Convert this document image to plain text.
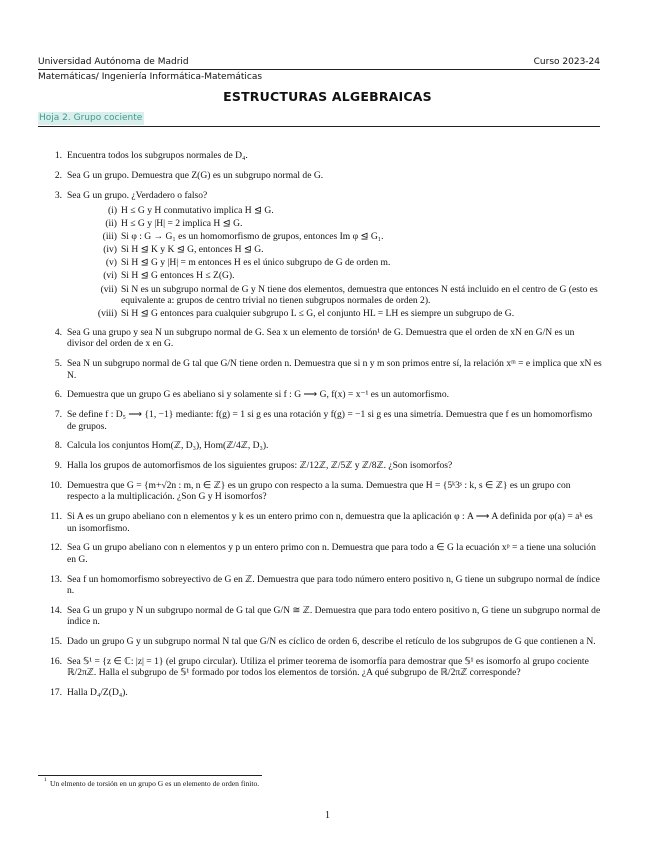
Universidad Autónoma de Madrid	Curso 2023-24
Matemáticas/ Ingeniería Informática-Matemáticas
ESTRUCTURAS ALGEBRAICAS
Hoja 2. Grupo cociente
1. Encuentra todos los subgrupos normales de D₄.
2. Sea G un grupo. Demuestra que Z(G) es un subgrupo normal de G.
3. Sea G un grupo. ¿Verdadero o falso?
(i) H ≤ G y H conmutativo implica H ⊴ G.
(ii) H ≤ G y |H| = 2 implica H ⊴ G.
(iii) Si φ : G → G₁ es un homomorfismo de grupos, entonces Im φ ⊴ G₁.
(iv) Si H ⊴ K y K ⊴ G, entonces H ⊴ G.
(v) Si H ⊴ G y |H| = m entonces H es el único subgrupo de G de orden m.
(vi) Si H ⊴ G entonces H ≤ Z(G).
(vii) Si N es un subgrupo normal de G y N tiene dos elementos, demuestra que entonces N está incluido en el centro de G (esto es equivalente a: grupos de centro trivial no tienen subgrupos normales de orden 2).
(viii) Si H ⊴ G entonces para cualquier subgrupo L ≤ G, el conjunto HL = LH es siempre un subgrupo de G.
4. Sea G una grupo y sea N un subgrupo normal de G. Sea x un elemento de torsión¹ de G. Demuestra que el orden de xN en G/N es un divisor del orden de x en G.
5. Sea N un subgrupo normal de G tal que G/N tiene orden n. Demuestra que si n y m son primos entre sí, la relación xᵐ = e implica que xN es N.
6. Demuestra que un grupo G es abeliano si y solamente si f : G ⟶ G, f(x) = x⁻¹ es un automorfismo.
7. Se define f : D₅ ⟶ {1, −1} mediante: f(g) = 1 si g es una rotación y f(g) = −1 si g es una simetría. Demuestra que f es un homomorfismo de grupos.
8. Calcula los conjuntos Hom(ℤ, D₃), Hom(ℤ/4ℤ, D₃).
9. Halla los grupos de automorfismos de los siguientes grupos: ℤ/12ℤ, ℤ/5ℤ y ℤ/8ℤ. ¿Son isomorfos?
10. Demuestra que G = {m+√2n : m, n ∈ ℤ} es un grupo con respecto a la suma. Demuestra que H = {5ᵏ3ˢ : k, s ∈ ℤ} es un grupo con respecto a la multiplicación. ¿Son G y H isomorfos?
11. Si A es un grupo abeliano con n elementos y k es un entero primo con n, demuestra que la aplicación φ : A ⟶ A definida por φ(a) = aᵏ es un isomorfismo.
12. Sea G un grupo abeliano con n elementos y p un entero primo con n. Demuestra que para todo a ∈ G la ecuación xᵖ = a tiene una solución en G.
13. Sea f un homomorfismo sobreyectivo de G en ℤ. Demuestra que para todo número entero positivo n, G tiene un subgrupo normal de índice n.
14. Sea G un grupo y N un subgrupo normal de G tal que G/N ≅ ℤ. Demuestra que para todo entero positivo n, G tiene un subgrupo normal de índice n.
15. Dado un grupo G y un subgrupo normal N tal que G/N es cíclico de orden 6, describe el retículo de los subgrupos de G que contienen a N.
16. Sea 𝕊¹ = {z ∈ ℂ: |z| = 1} (el grupo circular). Utiliza el primer teorema de isomorfía para demostrar que 𝕊¹ es isomorfo al grupo cociente ℝ/2πℤ. Halla el subgrupo de 𝕊¹ formado por todos los elementos de torsión. ¿A qué subgrupo de ℝ/2πℤ corresponde?
17. Halla D₄/Z(D₄).
1 Un elmento de torsión en un grupo G es un elemento de orden finito.
1
